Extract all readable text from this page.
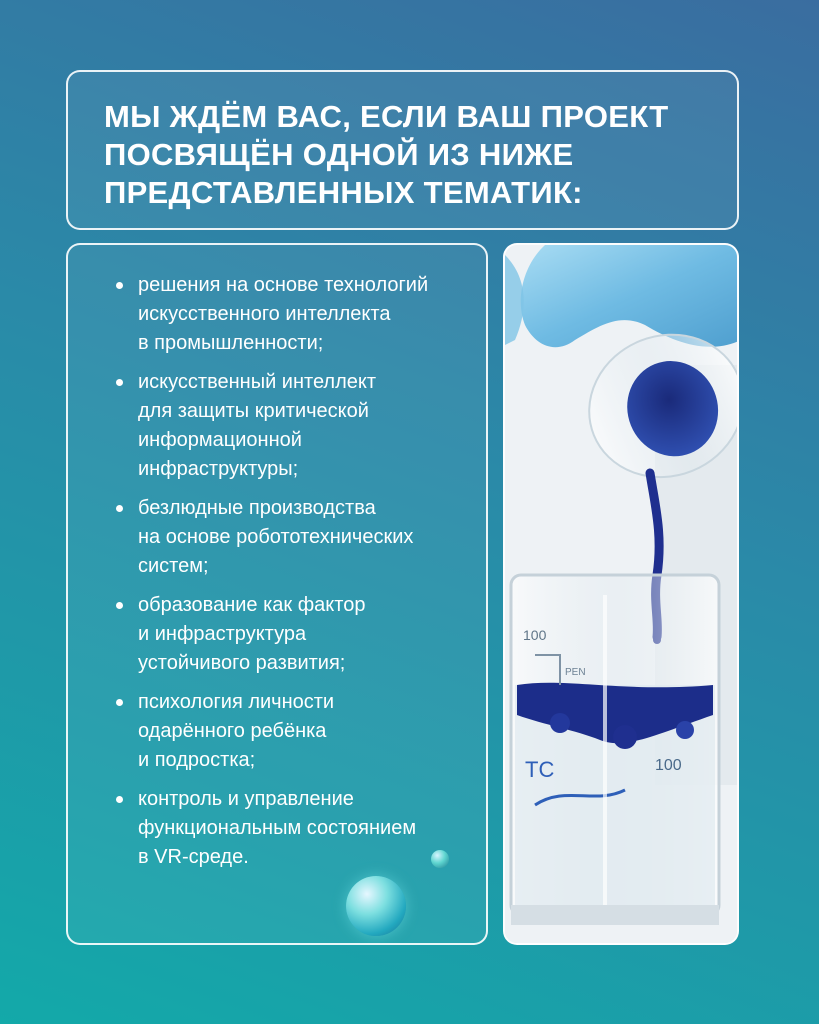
МЫ ЖДЁМ ВАС, ЕСЛИ ВАШ ПРОЕКТ ПОСВЯЩЁН ОДНОЙ ИЗ НИЖЕ ПРЕДСТАВЛЕННЫХ ТЕМАТИК:
решения на основе технологий
искусственного интеллекта
в промышленности;
искусственный интеллект
для защиты критической
информационной
инфраструктуры;
безлюдные производства
на основе робототехнических
систем;
образование как фактор
и инфраструктура
устойчивого развития;
психология личности
одарённого ребёнка
и подростка;
контроль и управление
функциональным состоянием
в VR-среде.
100
PEN
TC	100
